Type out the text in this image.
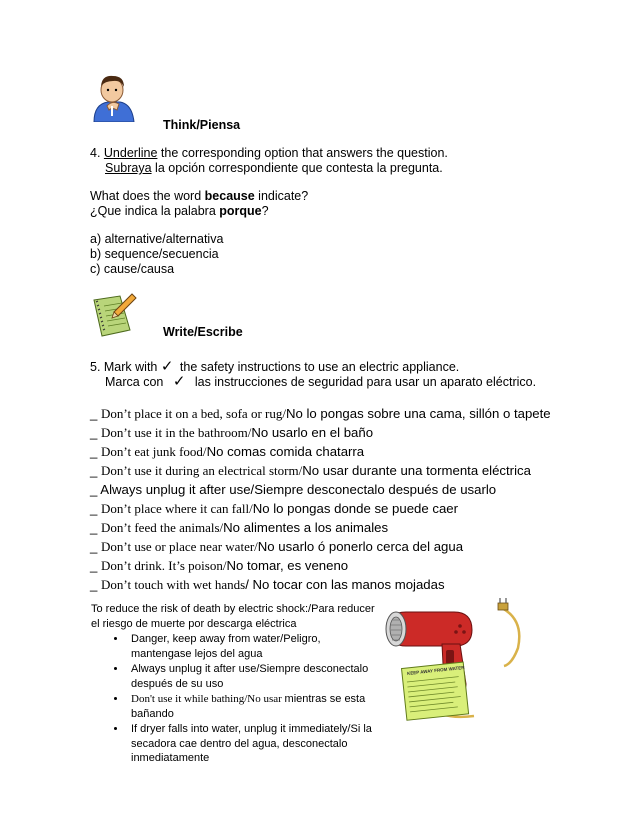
Think/Piensa
4. Underline the corresponding option that answers the question.
Subraya la opción correspondiente que contesta la pregunta.
What does the word because indicate?
¿Que indica la palabra porque?
a) alternative/alternativa
b) sequence/secuencia
c) cause/causa
Write/Escribe
5. Mark with ✓ the safety instructions to use an electric appliance.
Marca con ✓ las instrucciones de seguridad para usar un aparato eléctrico.
_ Don’t place it on a bed, sofa or rug/No lo pongas sobre una cama, sillón o tapete
_ Don’t use it in the bathroom/No usarlo en el baño
_ Don’t eat junk food/No comas comida chatarra
_ Don’t use it during an electrical storm/No usar durante una tormenta eléctrica
_ Always unplug it after use/Siempre desconectalo después de usarlo
_ Don’t place where it can fall/No lo pongas donde se puede caer
_ Don’t feed the animals/No alimentes a los animales
_ Don’t use or place near water/No usarlo ó ponerlo cerca del agua
_ Don’t drink. It’s poison/No tomar, es veneno
_ Don’t touch with wet hands/ No tocar con las manos mojadas
To reduce the risk of death by electric shock:/Para reducer el riesgo de muerte por descarga eléctrica
• Danger, keep away from water/Peligro, mantengase lejos del agua
• Always unplug it after use/Siempre desconectalo después de su uso
• Don't use it while bathing/No usar mientras se esta bañando
• If dryer falls into water, unplug it immediately/Si la secadora cae dentro del agua, desconectalo inmediatamente
KEEP AWAY FROM WATER
